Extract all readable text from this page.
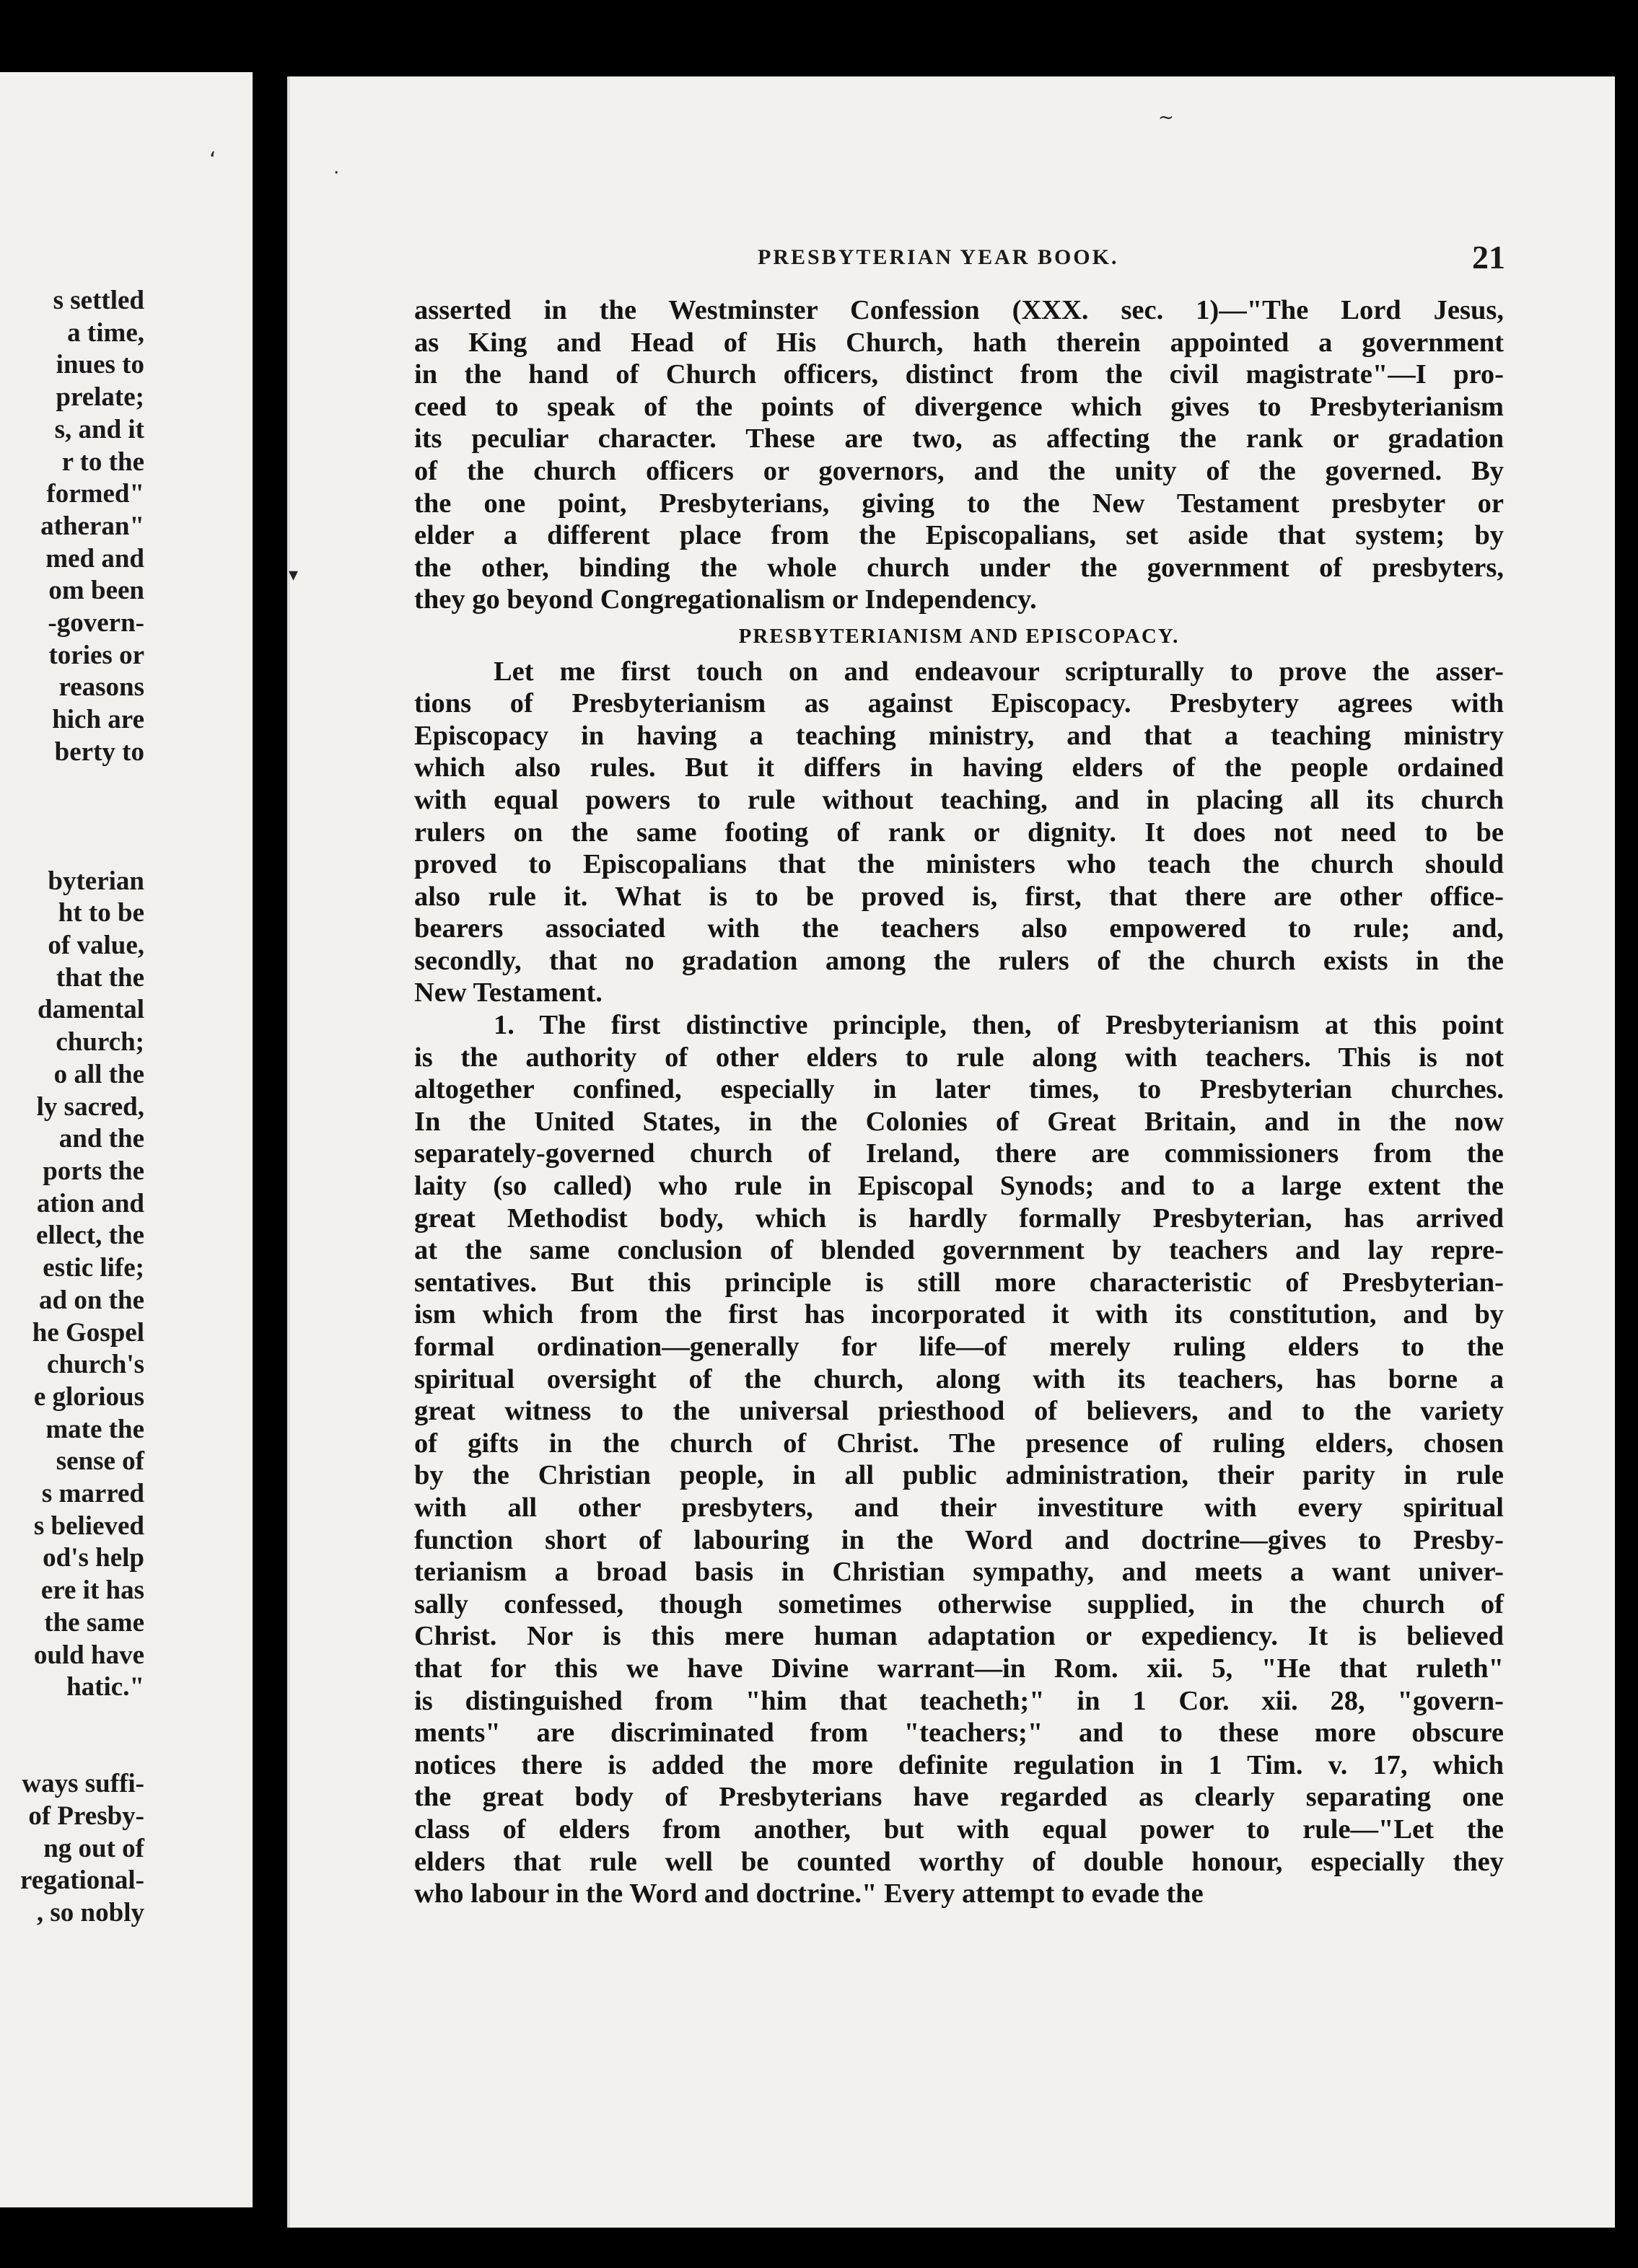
s settled
a time,
inues to
prelate;
s, and it
r to the
formed"
atheran"
med and
om been
-govern-
tories or
reasons
hich are
berty to

byterian
ht to be
of value,
that the
damental
church;
o all the
ly sacred,
and the
ports the
ation and
ellect, the
estic life;
ad on the
he Gospel
church's
e glorious
mate the
sense of
s marred
s believed
od's help
ere it has
the same
ould have
hatic."

ways suffi-
of Presby-
ng out of
regational-
, so nobly
ʻ	·
~
▾
PRESBYTERIAN YEAR BOOK.	21
asserted in the Westminster Confession (XXX. sec. 1)—"The Lord Jesus,
as King and Head of His Church, hath therein appointed a government
in the hand of Church officers, distinct from the civil magistrate"—I pro-
ceed to speak of the points of divergence which gives to Presbyterianism
its peculiar character. These are two, as affecting the rank or gradation
of the church officers or governors, and the unity of the governed. By
the one point, Presbyterians, giving to the New Testament presbyter or
elder a different place from the Episcopalians, set aside that system; by
the other, binding the whole church under the government of presbyters,
they go beyond Congregationalism or Independency.
PRESBYTERIANISM AND EPISCOPACY.
Let me first touch on and endeavour scripturally to prove the asser-
tions of Presbyterianism as against Episcopacy. Presbytery agrees with
Episcopacy in having a teaching ministry, and that a teaching ministry
which also rules. But it differs in having elders of the people ordained
with equal powers to rule without teaching, and in placing all its church
rulers on the same footing of rank or dignity. It does not need to be
proved to Episcopalians that the ministers who teach the church should
also rule it. What is to be proved is, first, that there are other office-
bearers associated with the teachers also empowered to rule; and,
secondly, that no gradation among the rulers of the church exists in the
New Testament.
1. The first distinctive principle, then, of Presbyterianism at this point
is the authority of other elders to rule along with teachers. This is not
altogether confined, especially in later times, to Presbyterian churches.
In the United States, in the Colonies of Great Britain, and in the now
separately-governed church of Ireland, there are commissioners from the
laity (so called) who rule in Episcopal Synods; and to a large extent the
great Methodist body, which is hardly formally Presbyterian, has arrived
at the same conclusion of blended government by teachers and lay repre-
sentatives. But this principle is still more characteristic of Presbyterian-
ism which from the first has incorporated it with its constitution, and by
formal ordination—generally for life—of merely ruling elders to the
spiritual oversight of the church, along with its teachers, has borne a
great witness to the universal priesthood of believers, and to the variety
of gifts in the church of Christ. The presence of ruling elders, chosen
by the Christian people, in all public administration, their parity in rule
with all other presbyters, and their investiture with every spiritual
function short of labouring in the Word and doctrine—gives to Presby-
terianism a broad basis in Christian sympathy, and meets a want univer-
sally confessed, though sometimes otherwise supplied, in the church of
Christ. Nor is this mere human adaptation or expediency. It is believed
that for this we have Divine warrant—in Rom. xii. 5, "He that ruleth"
is distinguished from "him that teacheth;" in 1 Cor. xii. 28, "govern-
ments" are discriminated from "teachers;" and to these more obscure
notices there is added the more definite regulation in 1 Tim. v. 17, which
the great body of Presbyterians have regarded as clearly separating one
class of elders from another, but with equal power to rule—"Let the
elders that rule well be counted worthy of double honour, especially they
who labour in the Word and doctrine." Every attempt to evade the
